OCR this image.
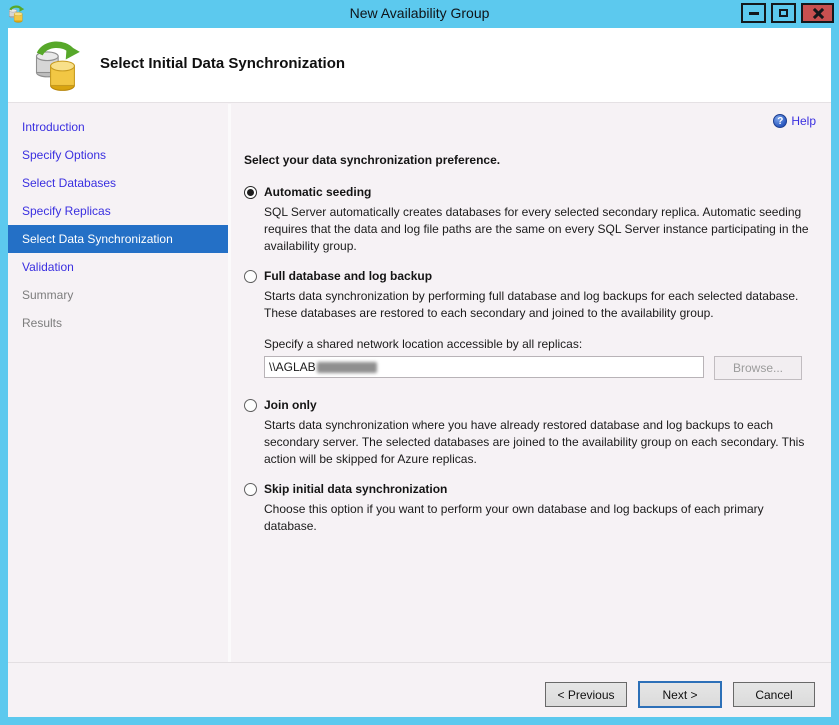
New Availability Group
Select Initial Data Synchronization
Introduction
Specify Options
Select Databases
Specify Replicas
Select Data Synchronization
Validation
Summary
Results
? Help
Select your data synchronization preference.
Automatic seeding
SQL Server automatically creates databases for every selected secondary replica. Automatic seeding requires that the data and log file paths are the same on every SQL Server instance participating in the availability group.
Full database and log backup
Starts data synchronization by performing full database and log backups for each selected database. These databases are restored to each secondary and joined to the availability group.
Specify a shared network location accessible by all replicas:
\\AGLAB	Browse...
Join only
Starts data synchronization where you have already restored database and log backups to each secondary server. The selected databases are joined to the availability group on each secondary. This action will be skipped for Azure replicas.
Skip initial data synchronization
Choose this option if you want to perform your own database and log backups of each primary database.
< Previous	Next >	Cancel
